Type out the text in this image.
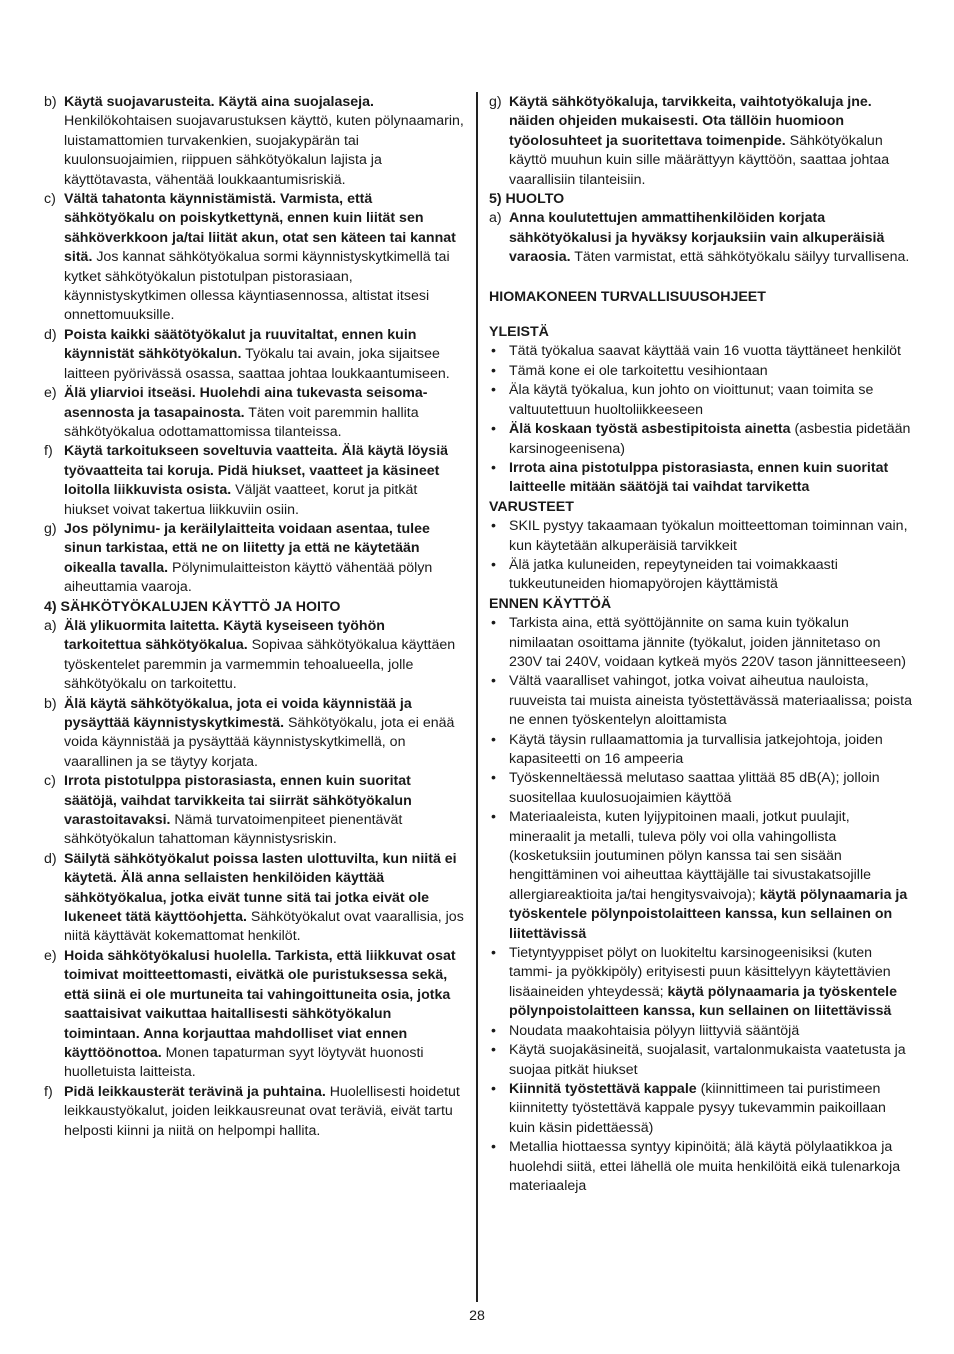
b) Käytä suojavarusteita. Käytä aina suojalaseja. Henkilökohtaisen suojavarustuksen käyttö, kuten pölynaamarin, luistamattomien turvakenkien, suojakypärän tai kuulonsuojaimien, riippuen sähkötyökalun lajista ja käyttötavasta, vähentää loukkaantumisriskiä.
c) Vältä tahatonta käynnistämistä. Varmista, että sähkötyökalu on poiskytkettynä, ennen kuin liität sen sähköverkkoon ja/tai liität akun, otat sen käteen tai kannat sitä. Jos kannat sähkötyökalua sormi käynnistyskytkimellä tai kytket sähkötyökalun pistotulpan pistorasiaan, käynnistyskytkimen ollessa käyntiasennossa, altistat itsesi onnettomuuksille.
d) Poista kaikki säätötyökalut ja ruuvitaltat, ennen kuin käynnistät sähkötyökalun. Työkalu tai avain, joka sijaitsee laitteen pyörivässä osassa, saattaa johtaa loukkaantumiseen.
e) Älä yliarvioi itseäsi. Huolehdi aina tukevasta seisoma-asennosta ja tasapainosta. Täten voit paremmin hallita sähkötyökalua odottamattomissa tilanteissa.
f) Käytä tarkoitukseen soveltuvia vaatteita. Älä käytä löysiä työvaatteita tai koruja. Pidä hiukset, vaatteet ja käsineet loitolla liikkuvista osista. Väljät vaatteet, korut ja pitkät hiukset voivat takertua liikkuviin osiin.
g) Jos pölynimu- ja keräilylaitteita voidaan asentaa, tulee sinun tarkistaa, että ne on liitetty ja että ne käytetään oikealla tavalla. Pölynimulaitteiston käyttö vähentää pölyn aiheuttamia vaaroja.
4) SÄHKÖTYÖKALUJEN KÄYTTÖ JA HOITO
a) Älä ylikuormita laitetta. Käytä kyseiseen työhön tarkoitettua sähkötyökalua. Sopivaa sähkötyökalua käyttäen työskentelet paremmin ja varmemmin tehoalueella, jolle sähkötyökalu on tarkoitettu.
b) Älä käytä sähkötyökalua, jota ei voida käynnistää ja pysäyttää käynnistyskytkimestä. Sähkötyökalu, jota ei enää voida käynnistää ja pysäyttää käynnistyskytkimellä, on vaarallinen ja se täytyy korjata.
c) Irrota pistotulppa pistorasiasta, ennen kuin suoritat säätöjä, vaihdat tarvikkeita tai siirrät sähkötyökalun varastoitavaksi. Nämä turvatoimenpiteet pienentävät sähkötyökalun tahattoman käynnistysriskin.
d) Säilytä sähkötyökalut poissa lasten ulottuvilta, kun niitä ei käytetä. Älä anna sellaisten henkilöiden käyttää sähkötyökalua, jotka eivät tunne sitä tai jotka eivät ole lukeneet tätä käyttöohjetta. Sähkötyökalut ovat vaarallisia, jos niitä käyttävät kokemattomat henkilöt.
e) Hoida sähkötyökalusi huolella. Tarkista, että liikkuvat osat toimivat moitteettomasti, eivätkä ole puristuksessa sekä, että siinä ei ole murtuneita tai vahingoittuneita osia, jotka saattaisivat vaikuttaa haitallisesti sähkötyökalun toimintaan. Anna korjauttaa mahdolliset viat ennen käyttöönottoa. Monen tapaturman syyt löytyvät huonosti huolletuista laitteista.
f) Pidä leikkausterät terävinä ja puhtaina. Huolellisesti hoidetut leikkaustyökalut, joiden leikkausreunat ovat teräviä, eivät tartu helposti kiinni ja niitä on helpompi hallita.
g) Käytä sähkötyökaluja, tarvikkeita, vaihtotyökaluja jne. näiden ohjeiden mukaisesti. Ota tällöin huomioon työolosuhteet ja suoritettava toimenpide. Sähkötyökalun käyttö muuhun kuin sille määrättyyn käyttöön, saattaa johtaa vaarallisiin tilanteisiin.
5) HUOLTO
a) Anna koulutettujen ammattihenkilöiden korjata sähkötyökalusi ja hyväksy korjauksiin vain alkuperäisiä varaosia. Täten varmistat, että sähkötyökalu säilyy turvallisena.
HIOMAKONEEN TURVALLISUUSOHJEET
YLEISTÄ
• Tätä työkalua saavat käyttää vain 16 vuotta täyttäneet henkilöt
• Tämä kone ei ole tarkoitettu vesihiontaan
• Äla käytä työkalua, kun johto on vioittunut; vaan toimita se valtuutettuun huoltoliikkeeseen
• Älä koskaan työstä asbestipitoista ainetta (asbestia pidetään karsinogeenisena)
• Irrota aina pistotulppa pistorasiasta, ennen kuin suoritat laitteelle mitään säätöjä tai vaihdat tarviketta
VARUSTEET
• SKIL pystyy takaamaan työkalun moitteettoman toiminnan vain, kun käytetään alkuperäisiä tarvikkeit
• Älä jatka kuluneiden, repeytyneiden tai voimakkaasti tukkeutuneiden hiomapyörojen käyttämistä
ENNEN KÄYTTÖÄ
• Tarkista aina, että syöttöjännite on sama kuin työkalun nimilaatan osoittama jännite (työkalut, joiden jännitetaso on 230V tai 240V, voidaan kytkeä myös 220V tason jännitteeseen)
• Vältä vaaralliset vahingot, jotka voivat aiheutua nauloista, ruuveista tai muista aineista työstettävässä materiaalissa; poista ne ennen työskentelyn aloittamista
• Käytä täysin rullaamattomia ja turvallisia jatkejohtoja, joiden kapasiteetti on 16 ampeeria
• Työskenneltäessä melutaso saattaa ylittää 85 dB(A); jolloin suositellaa kuulosuojaimien käyttöä
• Materiaaleista, kuten lyijypitoinen maali, jotkut puulajit, mineraalit ja metalli, tuleva pöly voi olla vahingollista (kosketuksiin joutuminen pölyn kanssa tai sen sisään hengittäminen voi aiheuttaa käyttäjälle tai sivustakatsojille allergiareaktioita ja/tai hengitysvaivoja); käytä pölynaamaria ja työskentele pölynpoistolaitteen kanssa, kun sellainen on liitettävissä
• Tietyntyyppiset pölyt on luokiteltu karsinogeenisiksi (kuten tammi- ja pyökkipöly) erityisesti puun käsittelyyn käytettävien lisäaineiden yhteydessä; käytä pölynaamaria ja työskentele pölynpoistolaitteen kanssa, kun sellainen on liitettävissä
• Noudata maakohtaisia pölyyn liittyviä sääntöjä
• Käytä suojakäsineitä, suojalasit, vartalonmukaista vaatetusta ja suojaa pitkät hiukset
• Kiinnitä työstettävä kappale (kiinnittimeen tai puristimeen kiinnitetty työstettävä kappale pysyy tukevammin paikoillaan kuin käsin pidettäessä)
• Metallia hiottaessa syntyy kipinöitä; älä käytä pölylaatikkoa ja huolehdi siitä, ettei lähellä ole muita henkilöitä eikä tulenarkoja materiaaleja
28
